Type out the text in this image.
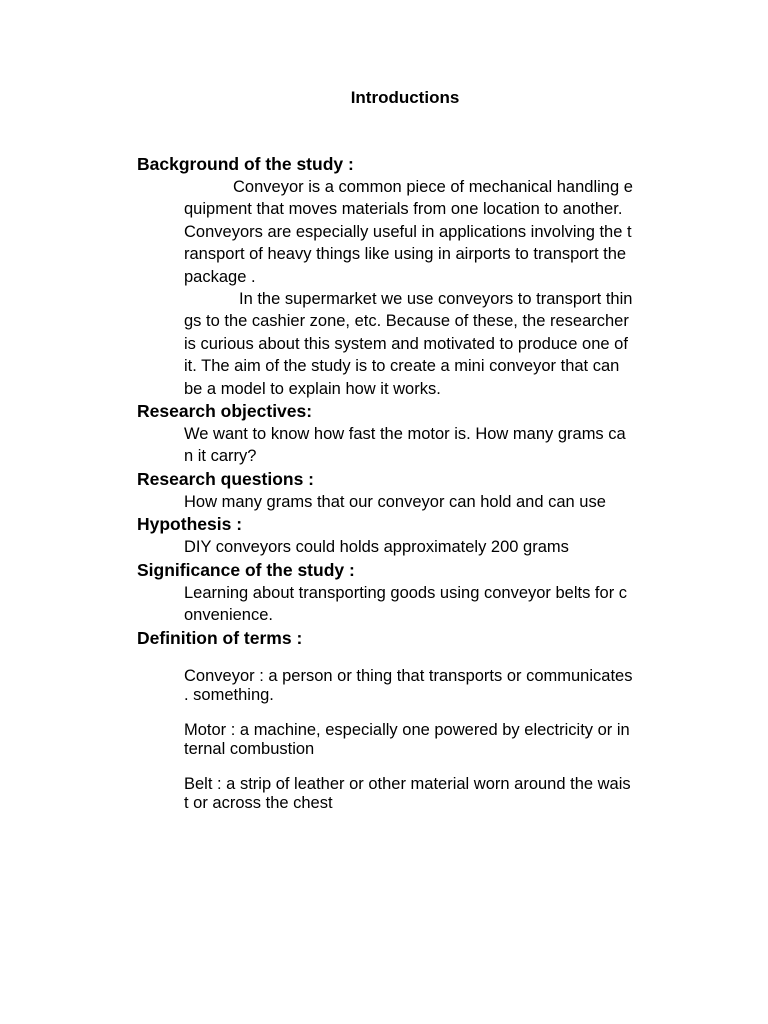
Introductions
Background of the study :
Conveyor is a common piece of mechanical handling e
quipment that moves materials from one location to another.
Conveyors are especially useful in applications involving the t
ransport of heavy things like using in airports to transport the
package .
In the supermarket we use conveyors to transport thin
gs to the cashier zone, etc. Because of these, the researcher
is curious about this system and motivated to produce one of
it. The aim of the study is to create a mini conveyor that can
be a model to explain how it works.
Research objectives:
We want to know how fast the motor is. How many grams ca
n it carry?
Research questions :
How many grams that our conveyor can hold and can use
Hypothesis :
DIY conveyors could holds approximately 200 grams
Significance of the study :
Learning about transporting goods using conveyor belts for c
onvenience.
Definition of terms :
Conveyor : a person or thing that transports or communicates
. something.
Motor : a machine, especially one powered by electricity or in
ternal combustion
Belt : a strip of leather or other material worn around the wais
t or across the chest
